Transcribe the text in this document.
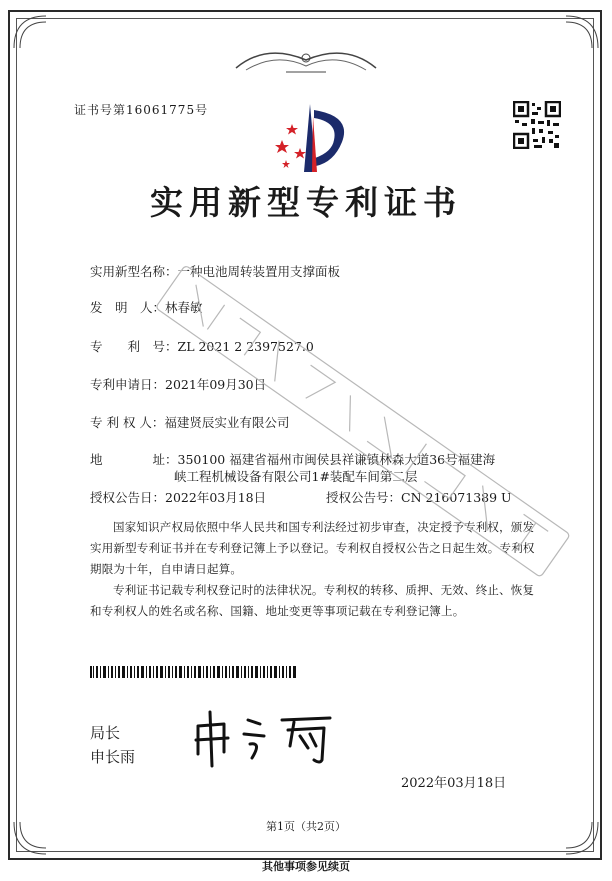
证书号第16061775号
实用新型专利证书
实用新型名称：一种电池周转装置用支撑面板
发　明　人：林春敏
专　　利　号：ZL 2021 2 2397527.0
专利申请日：2021年09月30日
专 利 权 人：福建贤辰实业有限公司
地　　　　址：350100 福建省福州市闽侯县祥谦镇林森大道36号福建海
峡工程机械设备有限公司1#装配车间第二层
授权公告日：2022年03月18日	授权公告号：CN 216071389 U

国家知识产权局依照中华人民共和国专利法经过初步审查，决定授予专利权，颁发实用新型专利证书并在专利登记簿上予以登记。专利权自授权公告之日起生效。专利权期限为十年，自申请日起算。

专利证书记载专利权登记时的法律状况。专利权的转移、质押、无效、终止、恢复和专利权人的姓名或名称、国籍、地址变更等事项记载在专利登记簿上。

局长
申长雨
2022年03月18日
第1页（共2页）
其他事项参见续页
